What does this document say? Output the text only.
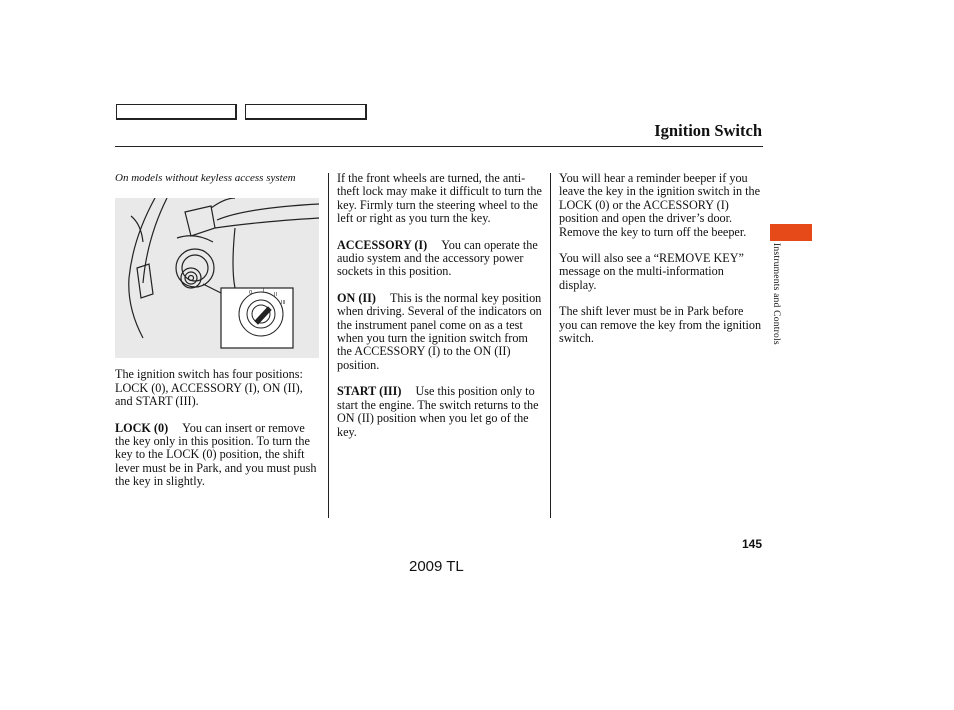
Ignition Switch
On models without keyless access system
0 I
II
III

The ignition switch has four positions: LOCK (0), ACCESSORY (I), ON (II), and START (III).

LOCK (0) You can insert or remove the key only in this position. To turn the key to the LOCK (0) position, the shift lever must be in Park, and you must push the key in slightly.

If the front wheels are turned, the anti-theft lock may make it difficult to turn the key. Firmly turn the steering wheel to the left or right as you turn the key.

ACCESSORY (I) You can operate the audio system and the accessory power sockets in this position.

ON (II) This is the normal key position when driving. Several of the indicators on the instrument panel come on as a test when you turn the ignition switch from the ACCESSORY (I) to the ON (II) position.

START (III) Use this position only to start the engine. The switch returns to the ON (II) position when you let go of the key.

You will hear a reminder beeper if you leave the key in the ignition switch in the LOCK (0) or the ACCESSORY (I) position and open the driver’s door. Remove the key to turn off the beeper.

You will also see a “REMOVE KEY” message on the multi-information display.

The shift lever must be in Park before you can remove the key from the ignition switch.	Instruments and Controls
145
2009 TL
